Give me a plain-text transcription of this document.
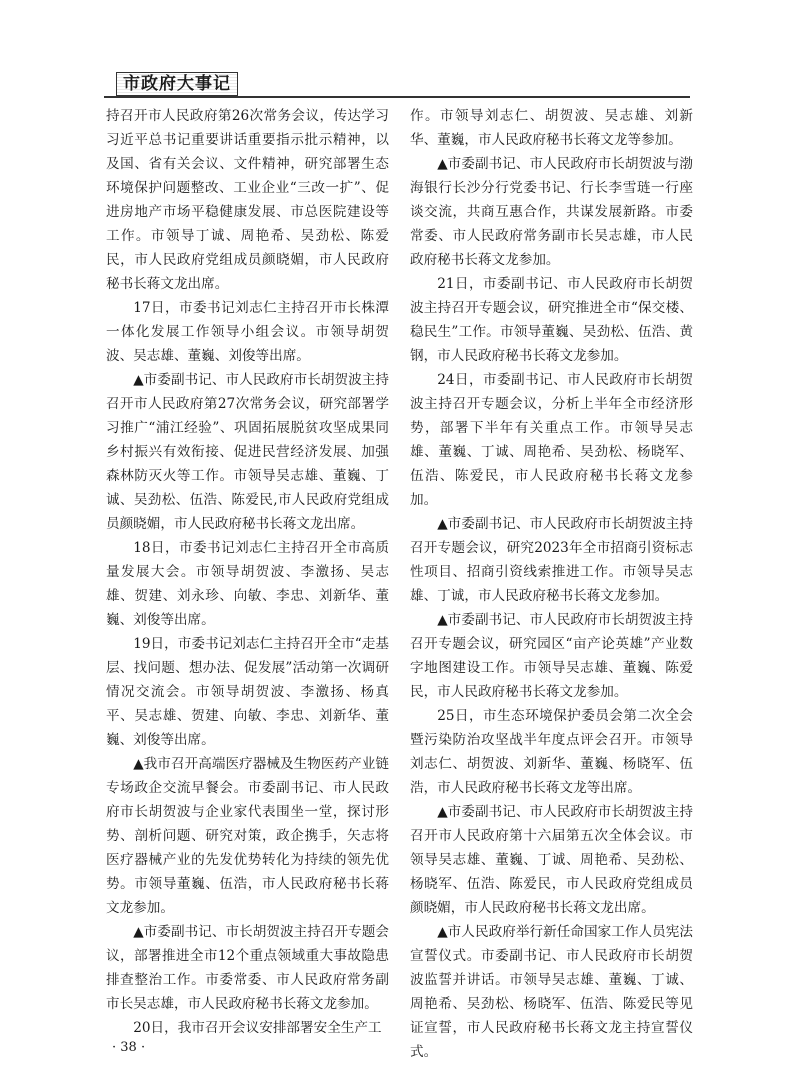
市政府大事记

持召开市人民政府第26次常务会议，传达学习习近平总书记重要讲话重要指示批示精神，以及国、省有关会议、文件精神，研究部署生态环境保护问题整改、工业企业“三改一扩”、促进房地产市场平稳健康发展、市总医院建设等工作。市领导丁诚、周艳希、吴劲松、陈爱民，市人民政府党组成员颜晓媚，市人民政府秘书长蒋文龙出席。

17日，市委书记刘志仁主持召开市长株潭一体化发展工作领导小组会议。市领导胡贺波、吴志雄、董巍、刘俊等出席。

▲市委副书记、市人民政府市长胡贺波主持召开市人民政府第27次常务会议，研究部署学习推广“浦江经验”、巩固拓展脱贫攻坚成果同乡村振兴有效衔接、促进民营经济发展、加强森林防灭火等工作。市领导吴志雄、董巍、丁诚、吴劲松、伍浩、陈爱民,市人民政府党组成员颜晓媚，市人民政府秘书长蒋文龙出席。

18日，市委书记刘志仁主持召开全市高质量发展大会。市领导胡贺波、李激扬、吴志雄、贺建、刘永珍、向敏、李忠、刘新华、董巍、刘俊等出席。

19日，市委书记刘志仁主持召开全市“走基层、找问题、想办法、促发展”活动第一次调研情况交流会。市领导胡贺波、李激扬、杨真平、吴志雄、贺建、向敏、李忠、刘新华、董巍、刘俊等出席。

▲我市召开高端医疗器械及生物医药产业链专场政企交流早餐会。市委副书记、市人民政府市长胡贺波与企业家代表围坐一堂，探讨形势、剖析问题、研究对策，政企携手，矢志将医疗器械产业的先发优势转化为持续的领先优势。市领导董巍、伍浩，市人民政府秘书长蒋文龙参加。

▲市委副书记、市长胡贺波主持召开专题会议，部署推进全市12个重点领域重大事故隐患排查整治工作。市委常委、市人民政府常务副市长吴志雄，市人民政府秘书长蒋文龙参加。

20日，我市召开会议安排部署安全生产工

作。市领导刘志仁、胡贺波、吴志雄、刘新华、董巍，市人民政府秘书长蒋文龙等参加。

▲市委副书记、市人民政府市长胡贺波与渤海银行长沙分行党委书记、行长李雪琏一行座谈交流，共商互惠合作，共谋发展新路。市委常委、市人民政府常务副市长吴志雄，市人民政府秘书长蒋文龙参加。

21日，市委副书记、市人民政府市长胡贺波主持召开专题会议，研究推进全市“保交楼、稳民生”工作。市领导董巍、吴劲松、伍浩、黄钢，市人民政府秘书长蒋文龙参加。

24日，市委副书记、市人民政府市长胡贺波主持召开专题会议，分析上半年全市经济形势，部署下半年有关重点工作。市领导吴志雄、董巍、丁诚、周艳希、吴劲松、杨晓军、伍浩、陈爱民，市人民政府秘书长蒋文龙参加。

▲市委副书记、市人民政府市长胡贺波主持召开专题会议，研究2023年全市招商引资标志性项目、招商引资线索推进工作。市领导吴志雄、丁诚，市人民政府秘书长蒋文龙参加。

▲市委副书记、市人民政府市长胡贺波主持召开专题会议，研究园区“亩产论英雄”产业数字地图建设工作。市领导吴志雄、董巍、陈爱民，市人民政府秘书长蒋文龙参加。

25日，市生态环境保护委员会第二次全会暨污染防治攻坚战半年度点评会召开。市领导刘志仁、胡贺波、刘新华、董巍、杨晓军、伍浩，市人民政府秘书长蒋文龙等出席。

▲市委副书记、市人民政府市长胡贺波主持召开市人民政府第十六届第五次全体会议。市领导吴志雄、董巍、丁诚、周艳希、吴劲松、杨晓军、伍浩、陈爱民，市人民政府党组成员颜晓媚，市人民政府秘书长蒋文龙出席。

▲市人民政府举行新任命国家工作人员宪法宣誓仪式。市委副书记、市人民政府市长胡贺波监誓并讲话。市领导吴志雄、董巍、丁诚、周艳希、吴劲松、杨晓军、伍浩、陈爱民等见证宣誓，市人民政府秘书长蒋文龙主持宣誓仪式。

· 38 ·
